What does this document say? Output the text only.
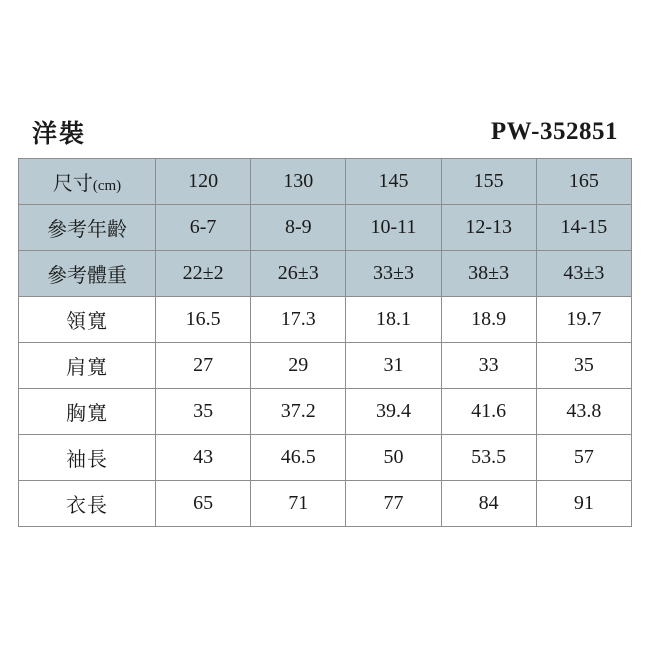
洋裝	PW-352851
尺寸(cm)	120	130	145	155	165
參考年齡	6-7	8-9	10-11	12-13	14-15
參考體重	22±2	26±3	33±3	38±3	43±3
領寬	16.5	17.3	18.1	18.9	19.7
肩寬	27	29	31	33	35
胸寬	35	37.2	39.4	41.6	43.8
袖長	43	46.5	50	53.5	57
衣長	65	71	77	84	91
